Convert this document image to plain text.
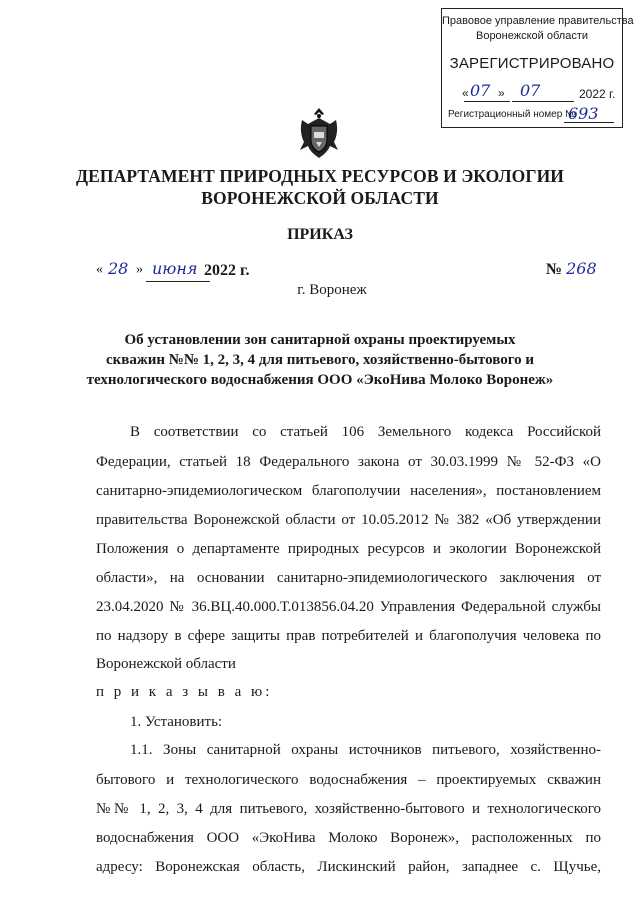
Правовое управление правительства
Воронежской области
ЗАРЕГИСТРИРОВАНО
« 07 » 07	2022 г.
Регистрационный номер №
693
ДЕПАРТАМЕНТ ПРИРОДНЫХ РЕСУРСОВ И ЭКОЛОГИИ
ВОРОНЕЖСКОЙ ОБЛАСТИ
ПРИКАЗ
« 28 » июня 2022 г.	№ 268
г. Воронеж
Об установлении зон санитарной охраны проектируемых
скважин №№ 1, 2, 3, 4 для питьевого, хозяйственно-бытового и
технологического водоснабжения ООО «ЭкоНива Молоко Воронеж»
В соответствии со статьей 106 Земельного кодекса Российской
Федерации, статьей 18 Федерального закона от 30.03.1999 № 52-ФЗ «О
санитарно-эпидемиологическом благополучии населения», постановлением
правительства Воронежской области от 10.05.2012 № 382 «Об утверждении
Положения о департаменте природных ресурсов и экологии Воронежской
области», на основании санитарно-эпидемиологического заключения от
23.04.2020 № 36.ВЦ.40.000.Т.013856.04.20 Управления Федеральной службы
по надзору в сфере защиты прав потребителей и благополучия человека по
Воронежской области
п р и к а з ы в а ю:
1. Установить:
1.1. Зоны санитарной охраны источников питьевого, хозяйственно-
бытового и технологического водоснабжения – проектируемых скважин
№№ 1, 2, 3, 4 для питьевого, хозяйственно-бытового и технологического
водоснабжения ООО «ЭкоНива Молоко Воронеж», расположенных по
адресу: Воронежская область, Лискинский район, западнее с. Щучье,
